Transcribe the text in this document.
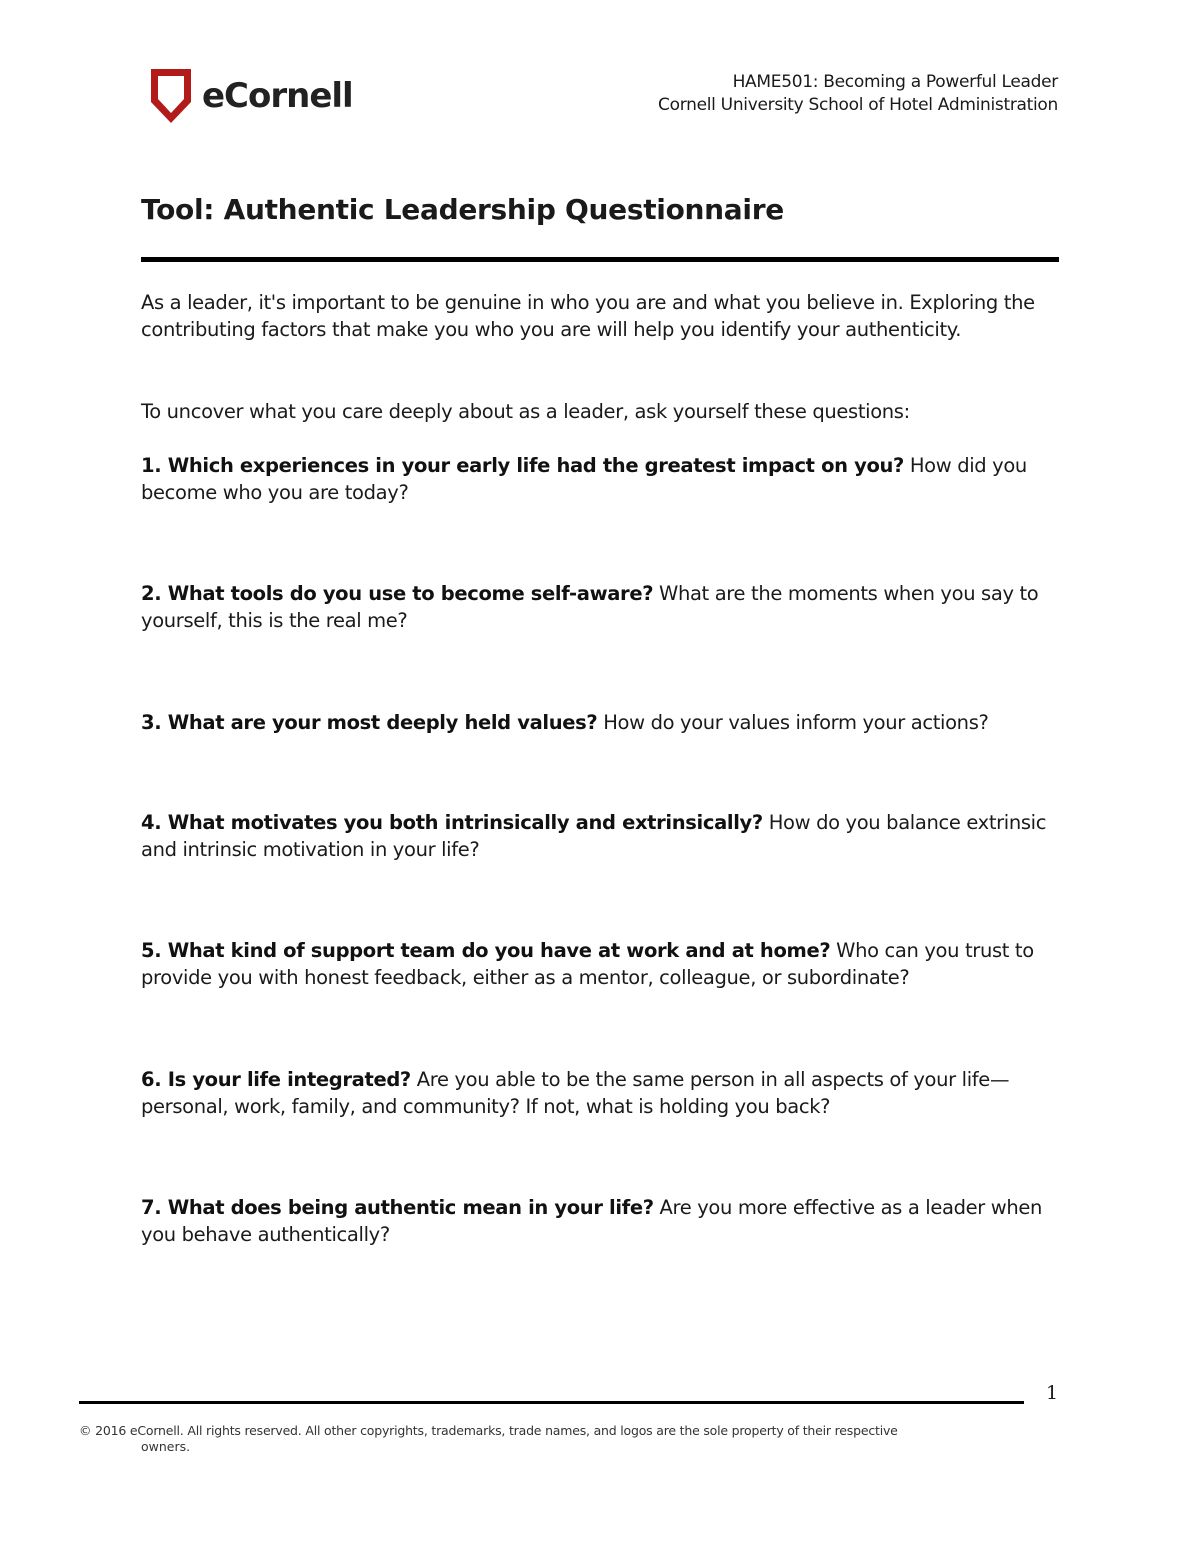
eCornell	HAME501: Becoming a Powerful Leader
Cornell University School of Hotel Administration
Tool: Authentic Leadership Questionnaire

As a leader, it's important to be genuine in who you are and what you believe in. Exploring the contributing factors that make you who you are will help you identify your authenticity.

To uncover what you care deeply about as a leader, ask yourself these questions:

1. Which experiences in your early life had the greatest impact on you? How did you become who you are today?

2. What tools do you use to become self-aware? What are the moments when you say to yourself, this is the real me?

3. What are your most deeply held values? How do your values inform your actions?

4. What motivates you both intrinsically and extrinsically? How do you balance extrinsic and intrinsic motivation in your life?

5. What kind of support team do you have at work and at home? Who can you trust to provide you with honest feedback, either as a mentor, colleague, or subordinate?

6. Is your life integrated? Are you able to be the same person in all aspects of your life—personal, work, family, and community? If not, what is holding you back?

7. What does being authentic mean in your life? Are you more effective as a leader when you behave authentically?

1
© 2016 eCornell. All rights reserved. All other copyrights, trademarks, trade names, and logos are the sole property of their respective
owners.
